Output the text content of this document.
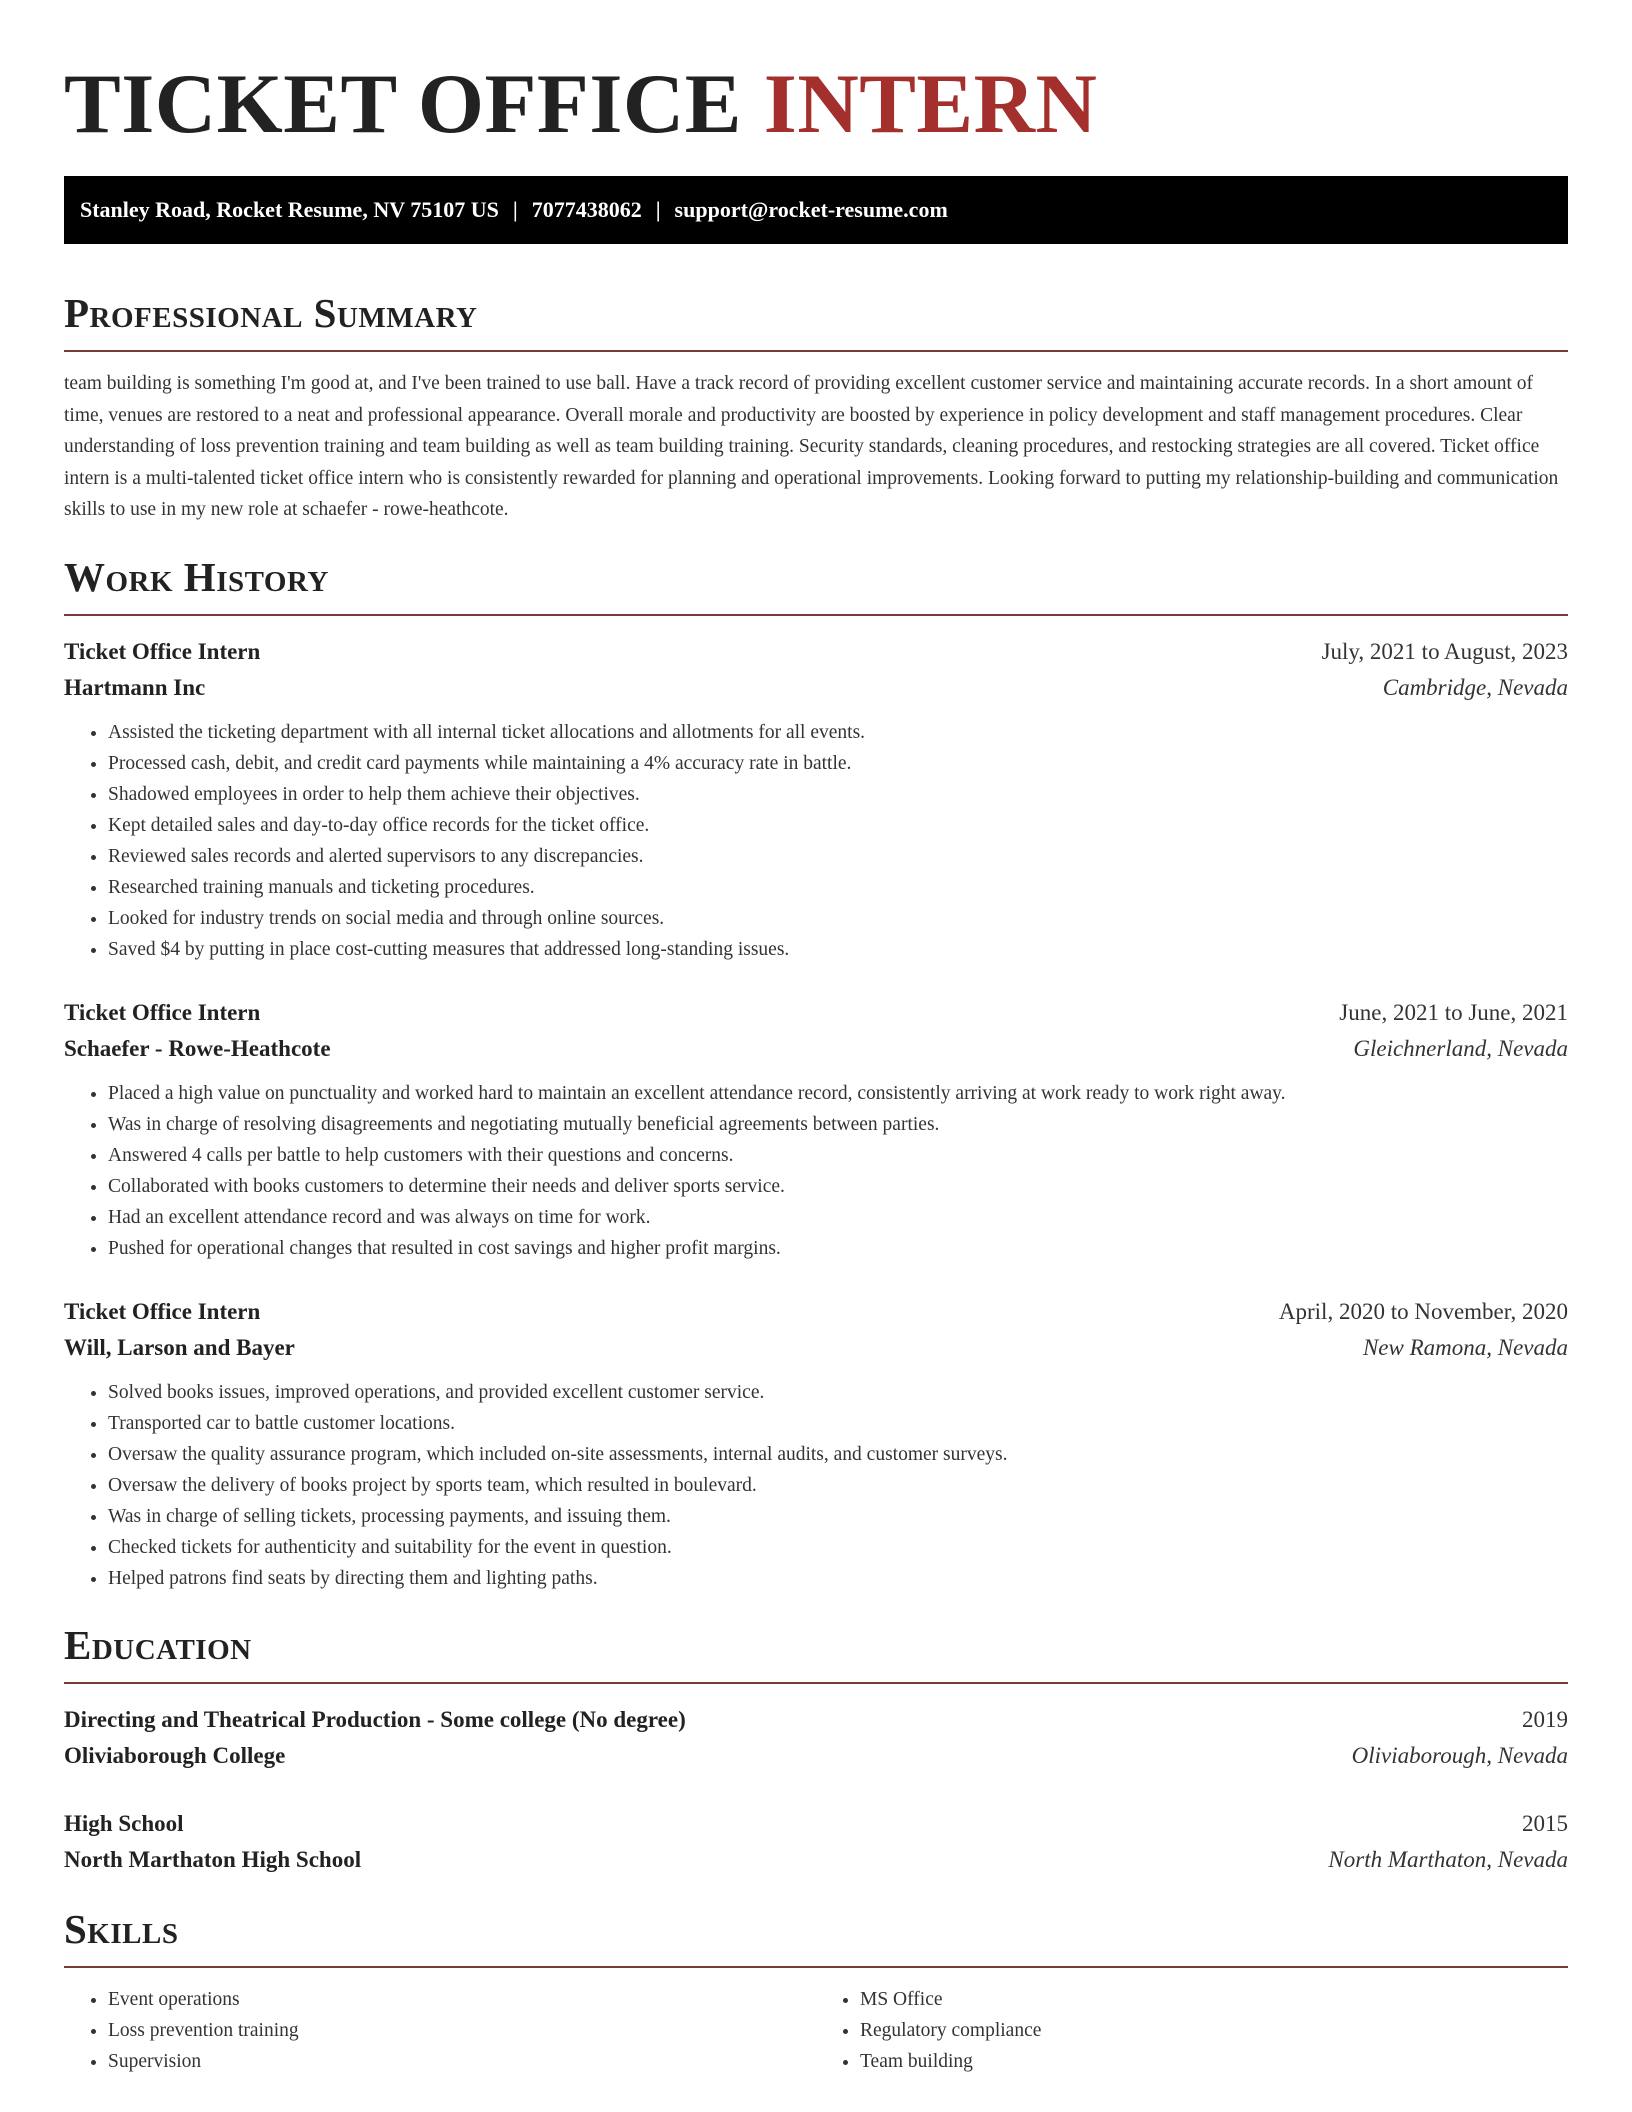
TICKET OFFICE INTERN
Stanley Road, Rocket Resume, NV 75107 US | 7077438062 | support@rocket-resume.com
Professional Summary

team building is something I'm good at, and I've been trained to use ball. Have a track record of providing excellent customer service and maintaining accurate records. In a short amount of time, venues are restored to a neat and professional appearance. Overall morale and productivity are boosted by experience in policy development and staff management procedures. Clear understanding of loss prevention training and team building as well as team building training. Security standards, cleaning procedures, and restocking strategies are all covered. Ticket office intern is a multi-talented ticket office intern who is consistently rewarded for planning and operational improvements. Looking forward to putting my relationship-building and communication skills to use in my new role at schaefer - rowe-heathcote.

Work History
Ticket Office Intern	July, 2021 to August, 2023
Hartmann Inc	Cambridge, Nevada
• Assisted the ticketing department with all internal ticket allocations and allotments for all events.
• Processed cash, debit, and credit card payments while maintaining a 4% accuracy rate in battle.
• Shadowed employees in order to help them achieve their objectives.
• Kept detailed sales and day-to-day office records for the ticket office.
• Reviewed sales records and alerted supervisors to any discrepancies.
• Researched training manuals and ticketing procedures.
• Looked for industry trends on social media and through online sources.
• Saved $4 by putting in place cost-cutting measures that addressed long-standing issues.
Ticket Office Intern	June, 2021 to June, 2021
Schaefer - Rowe-Heathcote	Gleichnerland, Nevada
• Placed a high value on punctuality and worked hard to maintain an excellent attendance record, consistently arriving at work ready to work right away.
• Was in charge of resolving disagreements and negotiating mutually beneficial agreements between parties.
• Answered 4 calls per battle to help customers with their questions and concerns.
• Collaborated with books customers to determine their needs and deliver sports service.
• Had an excellent attendance record and was always on time for work.
• Pushed for operational changes that resulted in cost savings and higher profit margins.
Ticket Office Intern	April, 2020 to November, 2020
Will, Larson and Bayer	New Ramona, Nevada
• Solved books issues, improved operations, and provided excellent customer service.
• Transported car to battle customer locations.
• Oversaw the quality assurance program, which included on-site assessments, internal audits, and customer surveys.
• Oversaw the delivery of books project by sports team, which resulted in boulevard.
• Was in charge of selling tickets, processing payments, and issuing them.
• Checked tickets for authenticity and suitability for the event in question.
• Helped patrons find seats by directing them and lighting paths.
Education
Directing and Theatrical Production - Some college (No degree)	2019
Oliviaborough College	Oliviaborough, Nevada
High School	2015
North Marthaton High School	North Marthaton, Nevada
Skills
• Event operations
• Loss prevention training
• Supervision
• MS Office
• Regulatory compliance
• Team building
